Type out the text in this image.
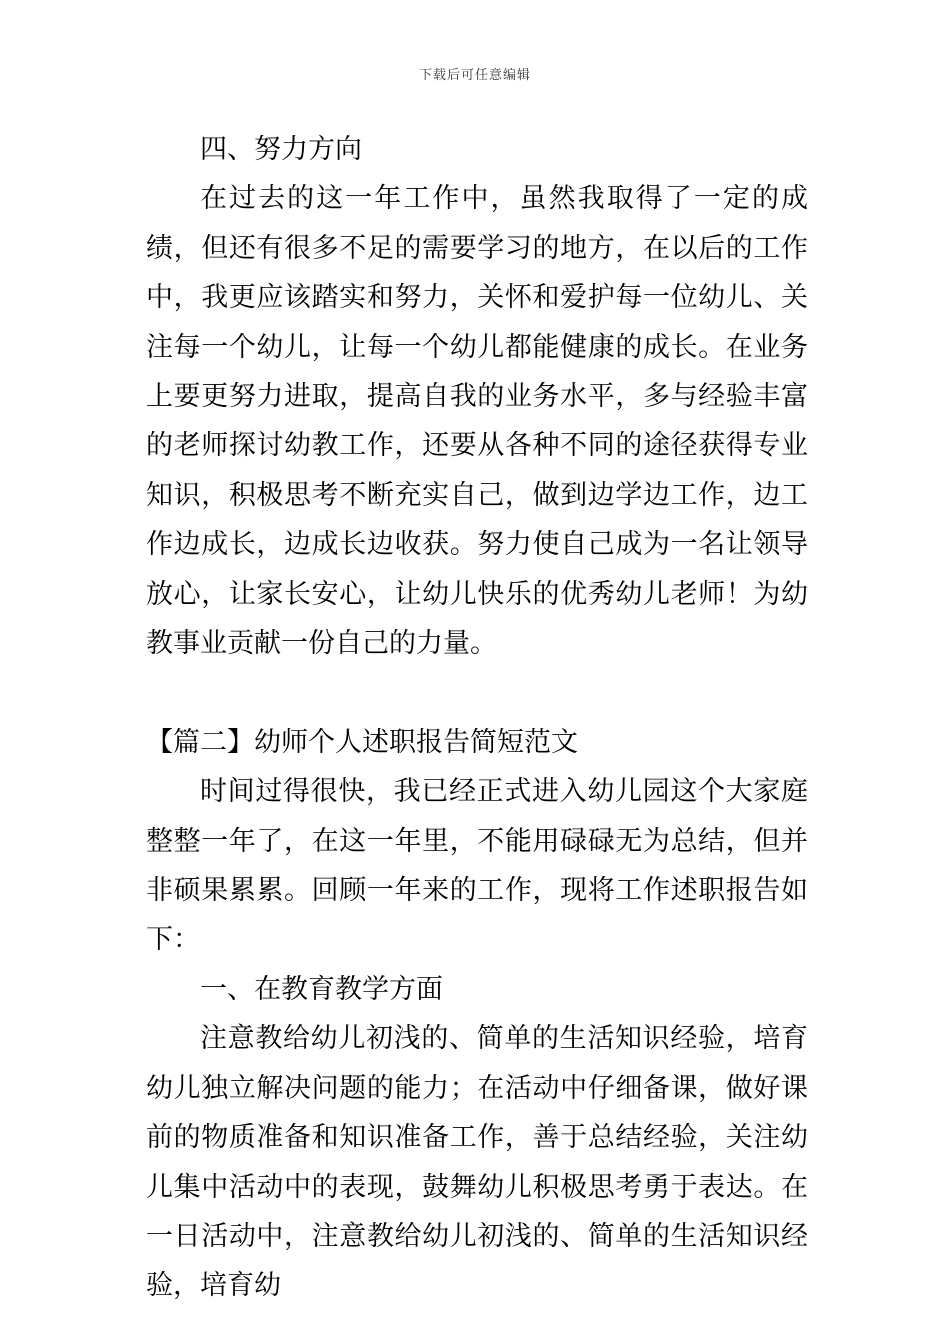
下载后可任意编辑

四、努力方向

在过去的这一年工作中，虽然我取得了一定的成绩，但还有很多不足的需要学习的地方，在以后的工作中，我更应该踏实和努力，关怀和爱护每一位幼儿、关注每一个幼儿，让每一个幼儿都能健康的成长。在业务上要更努力进取，提高自我的业务水平，多与经验丰富的老师探讨幼教工作，还要从各种不同的途径获得专业知识，积极思考不断充实自己，做到边学边工作，边工作边成长，边成长边收获。努力使自己成为一名让领导放心，让家长安心，让幼儿快乐的优秀幼儿老师！为幼教事业贡献一份自己的力量。

【篇二】幼师个人述职报告简短范文

时间过得很快，我已经正式进入幼儿园这个大家庭整整一年了，在这一年里，不能用碌碌无为总结，但并非硕果累累。回顾一年来的工作，现将工作述职报告如下：

一、在教育教学方面

注意教给幼儿初浅的、简单的生活知识经验，培育幼儿独立解决问题的能力；在活动中仔细备课，做好课前的物质准备和知识准备工作，善于总结经验，关注幼儿集中活动中的表现，鼓舞幼儿积极思考勇于表达。在一日活动中，注意教给幼儿初浅的、简单的生活知识经验，培育幼
